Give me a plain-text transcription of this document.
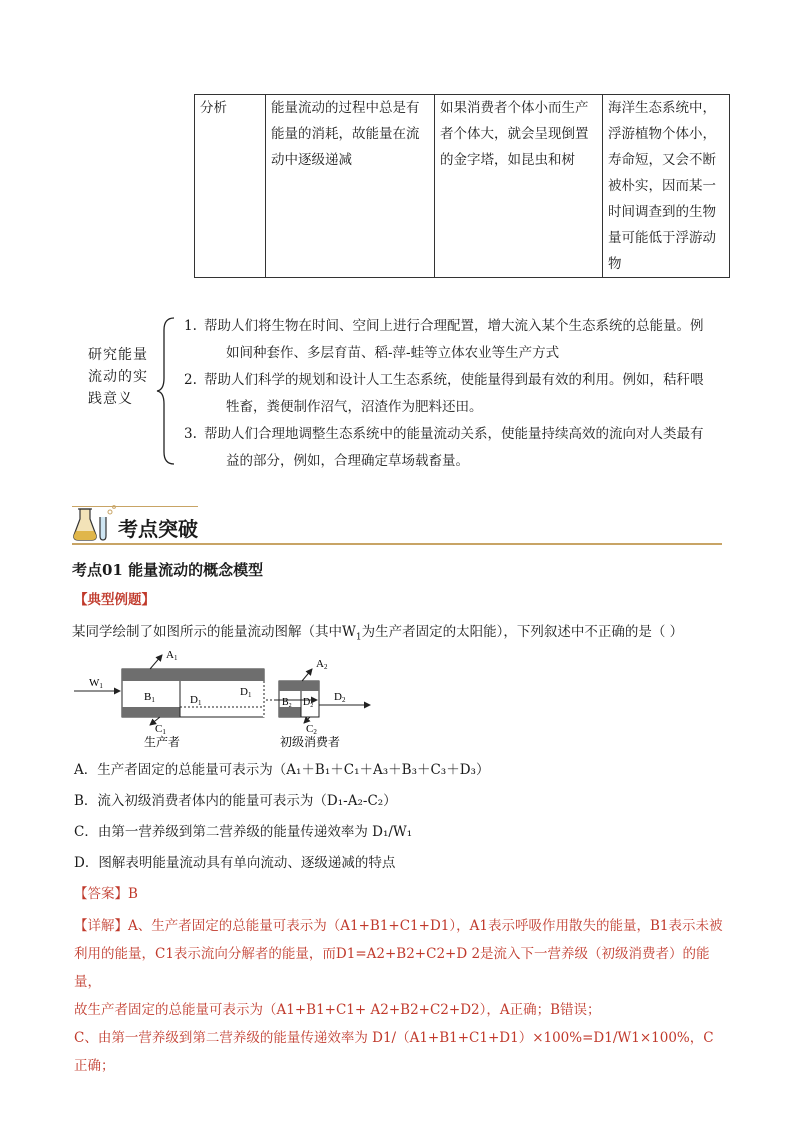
分析	能量流动的过程中总是有能量的消耗，故能量在流动中逐级递减	如果消费者个体小而生产者个体大，就会呈现倒置的金字塔，如昆虫和树	海洋生态系统中，浮游植物个体小，寿命短，又会不断被朴实，因而某一时间调查到的生物量可能低于浮游动物
研究能量流动的实践意义
1. 帮助人们将生物在时间、空间上进行合理配置，增大流入某个生态系统的总能量。例
如间种套作、多层育苗、稻-萍-蛙等立体农业等生产方式
2. 帮助人们科学的规划和设计人工生态系统，使能量得到最有效的利用。例如，秸秆喂
牲畜，粪便制作沼气，沼渣作为肥料还田。
3. 帮助人们合理地调整生态系统中的能量流动关系，使能量持续高效的流向对人类最有
益的部分，例如，合理确定草场载畜量。
考点突破
考点01 能量流动的概念模型
【典型例题】
某同学绘制了如图所示的能量流动图解（其中$W_1$为生产者固定的太阳能），下列叙述中不正确的是（ ）
W1
B1	D1
A1
C1
D1
$B_2$ $D_2$
A2
C2
D2
生产者	初级消费者
A．生产者固定的总能量可表示为（A₁＋B₁＋C₁＋A₃＋B₃＋C₃＋D₃）
B．流入初级消费者体内的能量可表示为（D₁-A₂-C₂）
C．由第一营养级到第二营养级的能量传递效率为 D₁/W₁
D．图解表明能量流动具有单向流动、逐级递减的特点
【答案】B
【详解】A、生产者固定的总能量可表示为（A1+B1+C1+D1），A1表示呼吸作用散失的能量，B1表示未被
利用的能量，C1表示流向分解者的能量，而D1=A2+B2+C2+D 2是流入下一营养级（初级消费者）的能量，
故生产者固定的总能量可表示为（A1+B1+C1+ A2+B2+C2+D2），A正确；B错误；
C、由第一营养级到第二营养级的能量传递效率为 D1/（A1+B1+C1+D1）×100%=D1/W1×100%，C正确；
